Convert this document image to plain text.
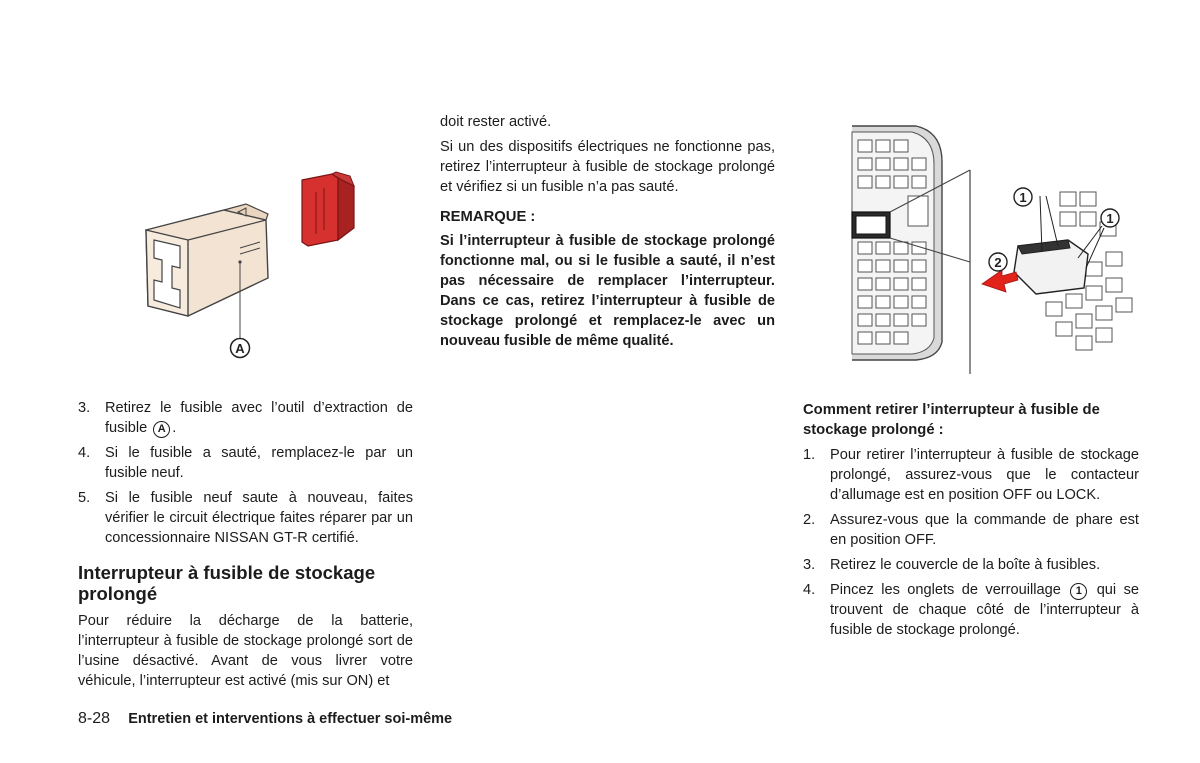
A
1
1
2
3. Retirez le fusible avec l’outil d’extraction de fusible A .
4. Si le fusible a sauté, remplacez-le par un fusible neuf.
5. Si le fusible neuf saute à nouveau, faites vérifier le circuit électrique faites réparer par un concessionnaire NISSAN GT-R certifié.
Interrupteur à fusible de stockage prolongé

Pour réduire la décharge de la batterie, l’interrupteur à fusible de stockage prolongé sort de l’usine désactivé. Avant de vous livrer votre véhicule, l’interrupteur est activé (mis sur ON) et

doit rester activé.

Si un des dispositifs électriques ne fonctionne pas, retirez l’interrupteur à fusible de stockage prolongé et vérifiez si un fusible n’a pas sauté.

REMARQUE :

Si l’interrupteur à fusible de stockage prolongé fonctionne mal, ou si le fusible a sauté, il n’est pas nécessaire de remplacer l’interrupteur. Dans ce cas, retirez l’interrupteur à fusible de stockage prolongé et remplacez-le avec un nouveau fusible de même qualité.

Comment retirer l’interrupteur à fusible de stockage prolongé :

1. Pour retirer l’interrupteur à fusible de stockage prolongé, assurez-vous que le contacteur d’allumage est en position OFF ou LOCK.
2. Assurez-vous que la commande de phare est en position OFF.
3. Retirez le couvercle de la boîte à fusibles.
4. Pincez les onglets de verrouillage 1 qui se trouvent de chaque côté de l’interrupteur à fusible de stockage prolongé.
8-28 Entretien et interventions à effectuer soi-même
